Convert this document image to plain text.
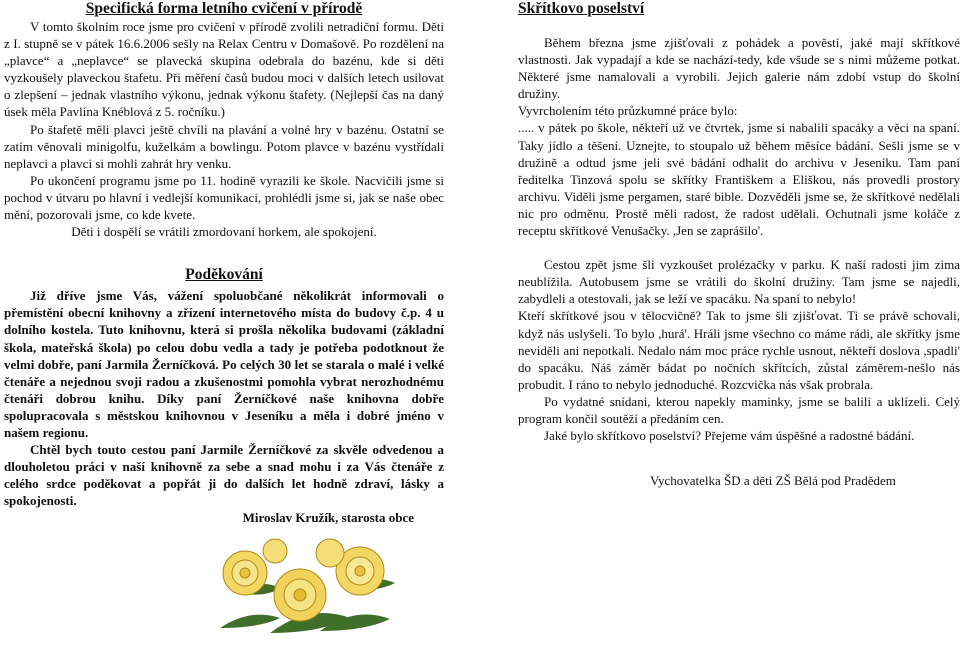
Specifická forma letního cvičení v přírodě

V tomto školním roce jsme pro cvičení v přírodě zvolili netradiční formu. Děti z I. stupně se v pátek 16.6.2006 sešly na Relax Centru v Domašově. Po rozdělení na „plavce“ a „neplavce“ se plavecká skupina odebrala do bazénu, kde si děti vyzkoušely plaveckou štafetu. Při měření časů budou moci v dalších letech usilovat o zlepšení – jednak vlastního výkonu, jednak výkonu štafety. (Nejlepší čas na daný úsek měla Pavlína Knéblová z 5. ročníku.)

Po štafetě měli plavci ještě chvíli na plavání a volné hry v bazénu. Ostatní se zatím věnovali minigolfu, kuželkám a bowlingu. Potom plavce v bazénu vystřídali neplavci a plavci si mohli zahrát hry venku.

Po ukončení programu jsme po 11. hodině vyrazili ke škole. Nacvičili jsme si pochod v útvaru po hlavní i vedlejší komunikaci, prohlédli jsme si, jak se naše obec mění, pozorovali jsme, co kde kvete.

Děti i dospělí se vrátili zmordovaní horkem, ale spokojení.

Poděkování

Již dříve jsme Vás, vážení spoluobčané několikrát informovali o přemístění obecní knihovny a zřízení internetového místa do budovy č.p. 4 u dolního kostela. Tuto knihovnu, která si prošla několika budovami (základní škola, mateřská škola) po celou dobu vedla a tady je potřeba podotknout že velmi dobře, paní Jarmila Žerníčková. Po celých 30 let se starala o malé i velké čtenáře a nejednou svoji radou a zkušenostmi pomohla vybrat nerozhodnému čtenáři dobrou knihu. Díky paní Žerníčkové naše knihovna dobře spolupracovala s městskou knihovnou v Jeseníku a měla i dobré jméno v našem regionu.

Chtěl bych touto cestou paní Jarmile Žerníčkové za skvěle odvedenou a dlouholetou práci v naší knihovně za sebe a snad mohu i za Vás čtenáře z celého srdce poděkovat a popřát ji do dalších let hodně zdraví, lásky a spokojenosti.

Miroslav Kružík, starosta obce

Skřítkovo poselství

Během března jsme zjišťovali z pohádek a pověstí, jaké mají skřítkové vlastnosti. Jak vypadají a kde se nachází-tedy, kde všude se s nimi můžeme potkat. Některé jsme namalovali a vyrobili. Jejich galerie nám zdobí vstup do školní družiny.

Vyvrcholením této průzkumné práce bylo:

..... v pátek po škole, někteří už ve čtvrtek, jsme si nabalili spacáky a věci na spaní. Taky jídlo a těšení. Uznejte, to stoupalo už během měsíce bádání. Sešli jsme se v družině a odtud jsme jeli své bádání odhalit do archivu v Jeseníku. Tam paní ředitelka Tinzová spolu se skřítky Františkem a Eliškou, nás provedli prostory archivu. Viděli jsme pergamen, staré bible. Dozvěděli jsme se, že skřítkové nedělali nic pro odměnu. Prostě měli radost, že radost udělali. Ochutnali jsme koláče z receptu skřítkové Venušačky. ,Jen se zaprášilo'.

Cestou zpět jsme šli vyzkoušet prolézačky v parku. K naší radosti jim zima neublížila. Autobusem jsme se vrátili do školní družiny. Tam jsme se najedli, zabydleli a otestovali, jak se leží ve spacáku. Na spaní to nebylo!

Kteří skřítkové jsou v tělocvičně? Tak to jsme šli zjišťovat. Ti se právě schovali, když nás uslyšeli. To bylo ,hurá'. Hráli jsme všechno co máme rádi, ale skřítky jsme neviděli ani nepotkali. Nedalo nám moc práce rychle usnout, někteří doslova ,spadli' do spacáku. Náš záměr bádat po nočních skřítcích, zůstal záměrem-nešlo nás probudit. I ráno to nebylo jednoduché. Rozcvička nás však probrala.

Po vydatné snídani, kterou napekly maminky, jsme se balili a uklízeli. Celý program končil soutěží a předáním cen.

Jaké bylo skřítkovo poselství? Přejeme vám úspěšné a radostné bádání.

Vychovatelka ŠD a děti ZŠ Bělá pod Pradědem
